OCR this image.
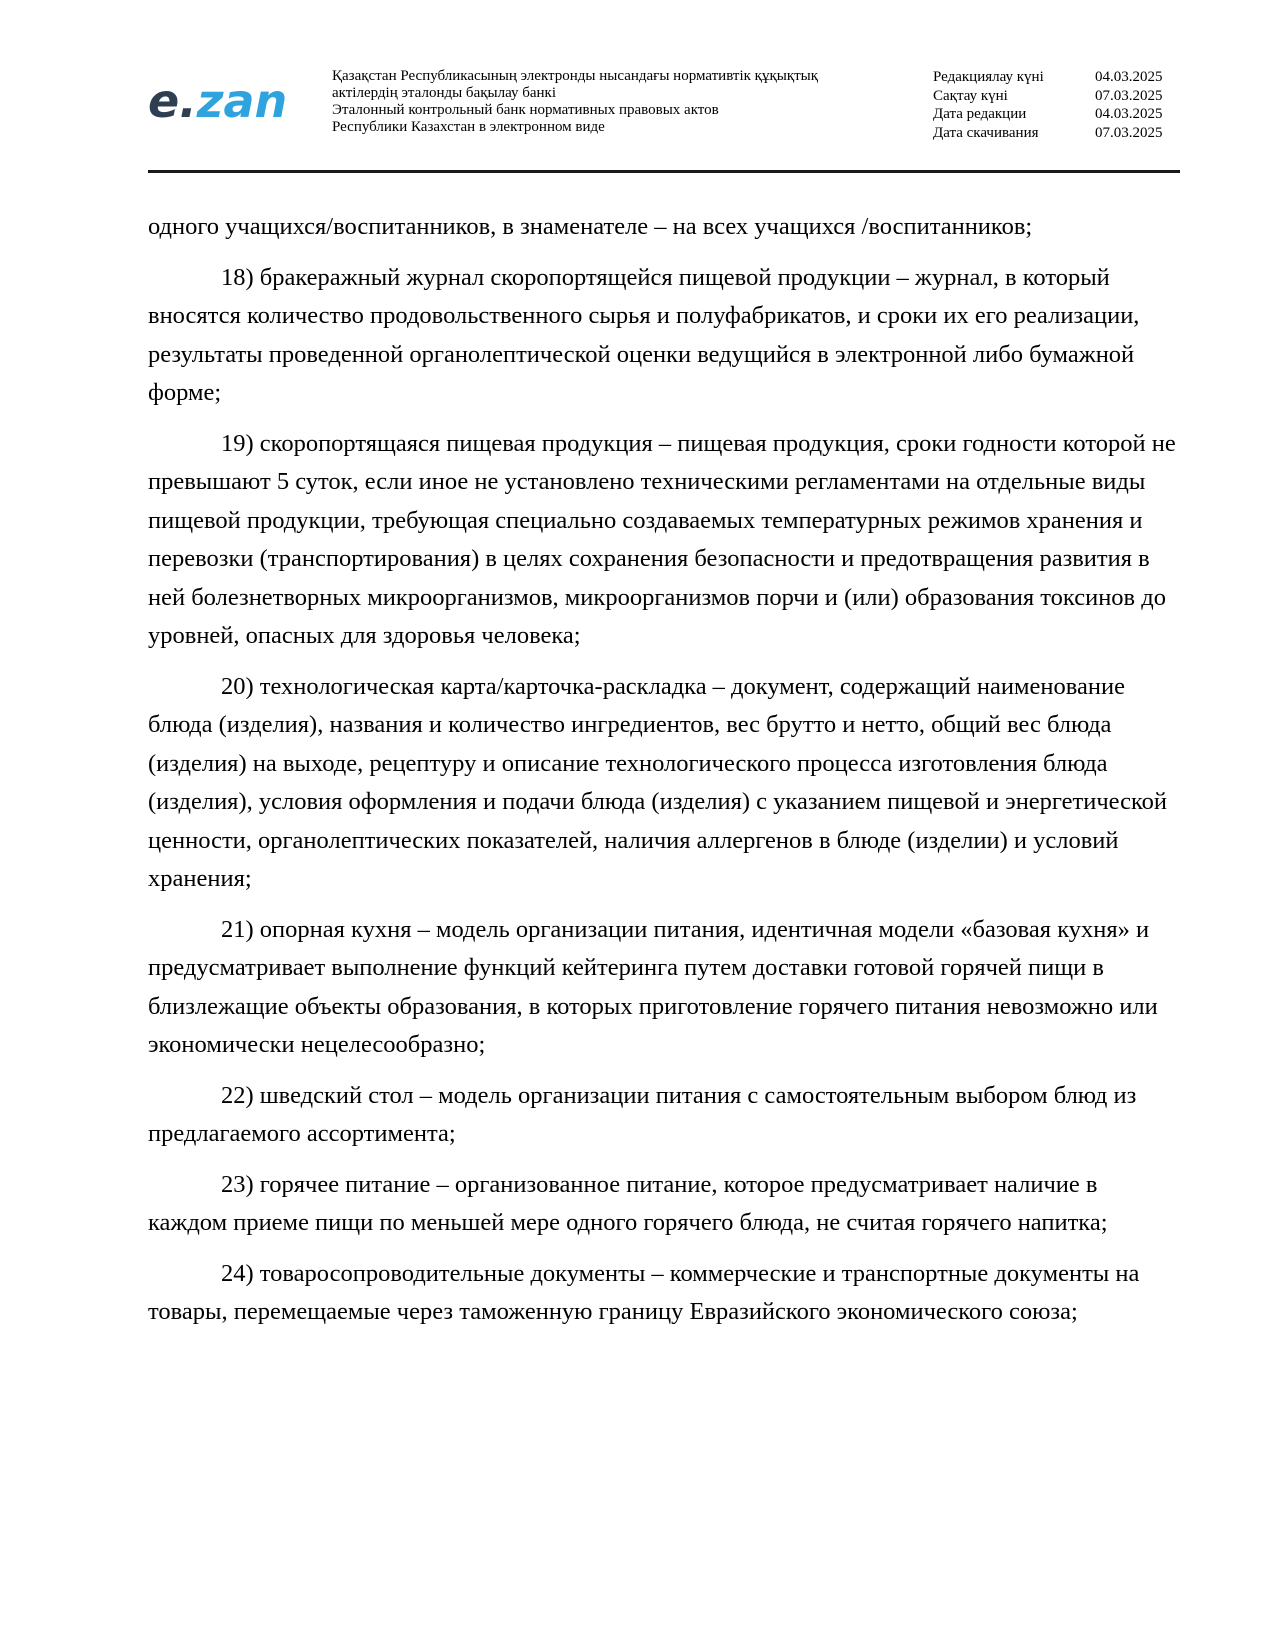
e.zan	Қазақстан Республикасының электронды нысандағы нормативтік құқықтық
актілердің эталонды бақылау банкі
Эталонный контрольный банк нормативных правовых актов
Республики Казахстан в электронном виде
Редакциялау күні	04.03.2025
Сақтау күні	07.03.2025
Дата редакции	04.03.2025
Дата скачивания	07.03.2025

одного учащихся/воспитанников, в знаменателе – на всех учащихся /воспитанников;

18) бракеражный журнал скоропортящейся пищевой продукции – журнал, в который вносятся количество продовольственного сырья и полуфабрикатов, и сроки их его реализации, результаты проведенной органолептической оценки ведущийся в электронной либо бумажной форме;

19) скоропортящаяся пищевая продукция – пищевая продукция, сроки годности которой не превышают 5 суток, если иное не установлено техническими регламентами на отдельные виды пищевой продукции, требующая специально создаваемых температурных режимов хранения и перевозки (транспортирования) в целях сохранения безопасности и предотвращения развития в ней болезнетворных микроорганизмов, микроорганизмов порчи и (или) образования токсинов до уровней, опасных для здоровья человека;

20) технологическая карта/карточка-раскладка – документ, содержащий наименование блюда (изделия), названия и количество ингредиентов, вес брутто и нетто, общий вес блюда (изделия) на выходе, рецептуру и описание технологического процесса изготовления блюда (изделия), условия оформления и подачи блюда (изделия) с указанием пищевой и энергетической ценности, органолептических показателей, наличия аллергенов в блюде (изделии) и условий хранения;

21) опорная кухня – модель организации питания, идентичная модели «базовая кухня» и предусматривает выполнение функций кейтеринга путем доставки готовой горячей пищи в близлежащие объекты образования, в которых приготовление горячего питания невозможно или экономически нецелесообразно;

22) шведский стол – модель организации питания с самостоятельным выбором блюд из предлагаемого ассортимента;

23) горячее питание – организованное питание, которое предусматривает наличие в каждом приеме пищи по меньшей мере одного горячего блюда, не считая горячего напитка;

24) товаросопроводительные документы – коммерческие и транспортные документы на товары, перемещаемые через таможенную границу Евразийского экономического союза;
